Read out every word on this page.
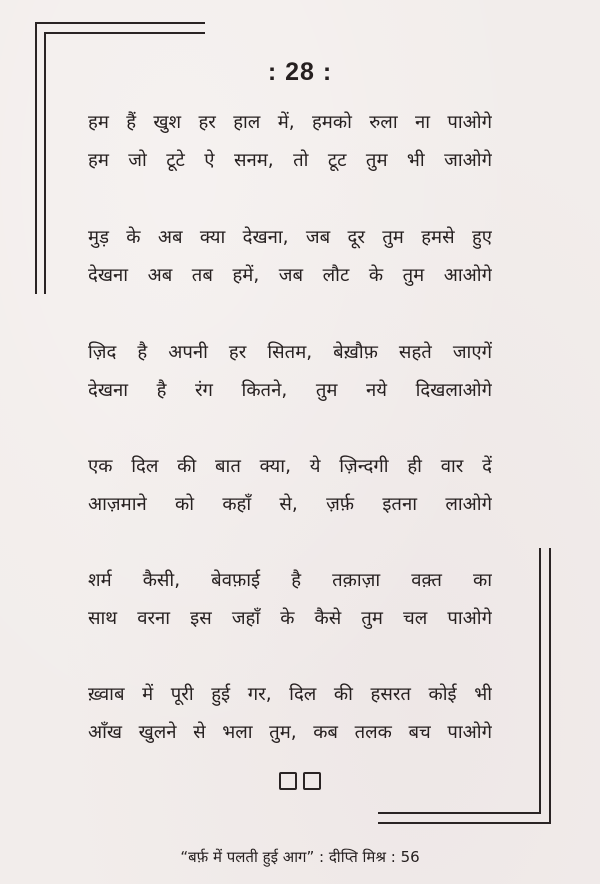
: 28 :
हम हैं खुश हर हाल में, हमको रुला ना पाओगे
हम जो टूटे ऐ सनम, तो टूट तुम भी जाओगे
मुड़ के अब क्या देखना, जब दूर तुम हमसे हुए
देखना अब तब हमें, जब लौट के तुम आओगे
ज़िद है अपनी हर सितम, बेख़ौफ़ सहते जाएगें
देखना है रंग कितने, तुम नये दिखलाओगे
एक दिल की बात क्या, ये ज़िन्दगी ही वार दें
आज़माने को कहाँ से, ज़र्फ़ इतना लाओगे
शर्म कैसी, बेवफ़ाई है तक़ाज़ा वक़्त का
साथ वरना इस जहाँ के कैसे तुम चल पाओगे
ख़्वाब में पूरी हुई गर, दिल की हसरत कोई भी
आँख खुलने से भला तुम, कब तलक बच पाओगे
“बर्फ़ में पलती हुई आग” : दीप्ति मिश्र : 56
